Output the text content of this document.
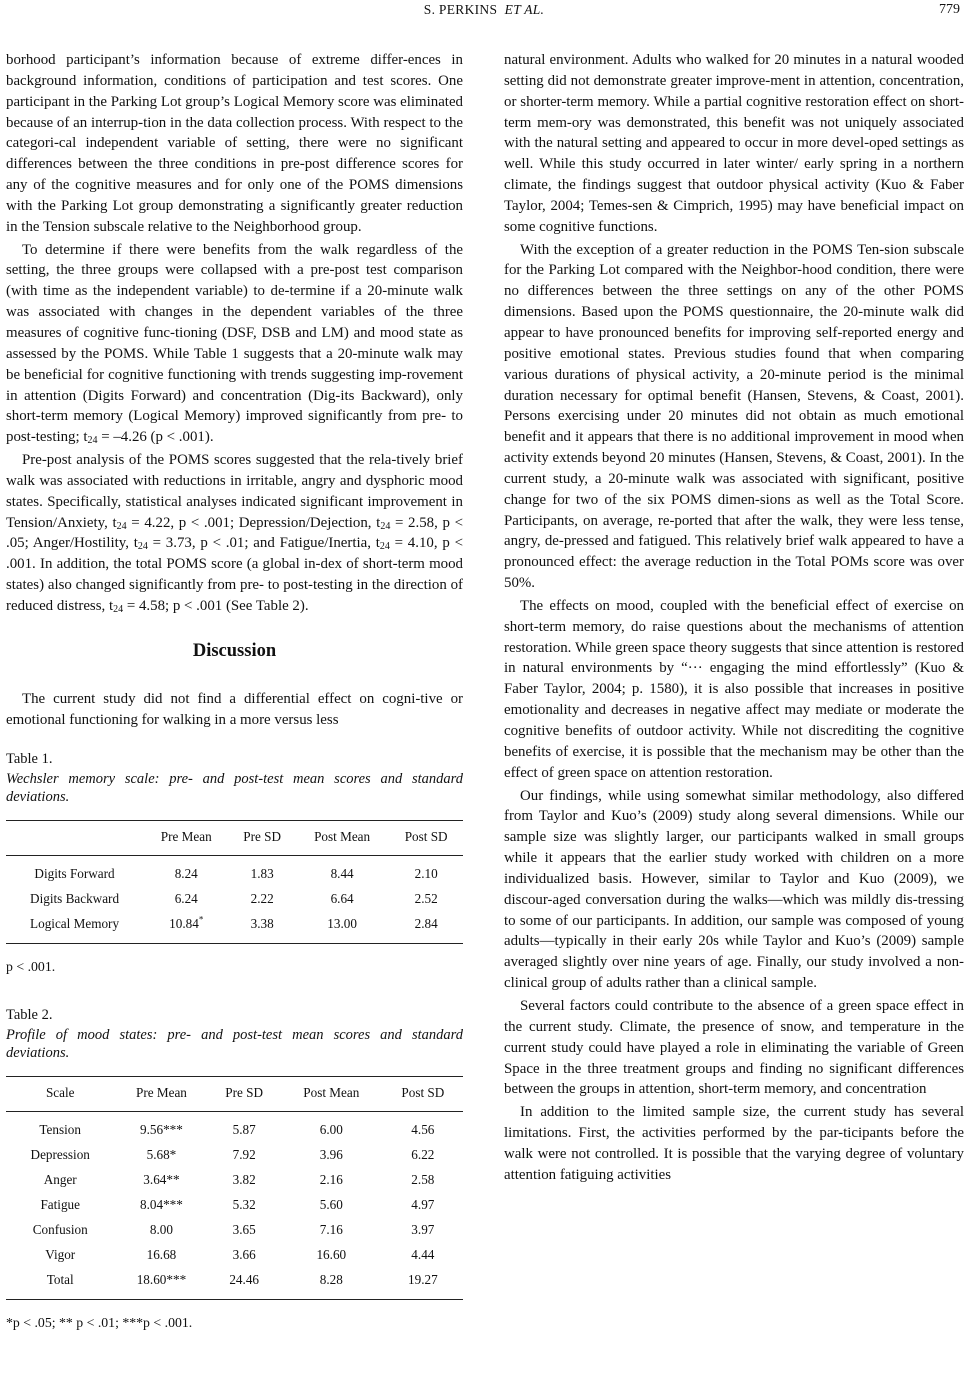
S. PERKINS ET AL.	779

borhood participant’s information because of extreme differ-ences in background information, conditions of participation and test scores. One participant in the Parking Lot group’s Logical Memory score was eliminated because of an interrup-tion in the data collection process. With respect to the categori-cal independent variable of setting, there were no significant differences between the three conditions in pre-post difference scores for any of the cognitive measures and for only one of the POMS dimensions with the Parking Lot group demonstrating a significantly greater reduction in the Tension subscale relative to the Neighborhood group.

To determine if there were benefits from the walk regardless of the setting, the three groups were collapsed with a pre-post test comparison (with time as the independent variable) to de-termine if a 20-minute walk was associated with changes in the dependent variables of the three measures of cognitive func-tioning (DSF, DSB and LM) and mood state as assessed by the POMS. While Table 1 suggests that a 20-minute walk may be beneficial for cognitive functioning with trends suggesting imp-rovement in attention (Digits Forward) and concentration (Dig-its Backward), only short-term memory (Logical Memory) improved significantly from pre- to post-testing; $t_{24} = -4.26$ (p < .001).

Pre-post analysis of the POMS scores suggested that the rela-tively brief walk was associated with reductions in irritable, angry and dysphoric mood states. Specifically, statistical analyses indicated significant improvement in Tension/Anxiety, $t_{24} = 4.22$, p < .001; Depression/Dejection, $t_{24} = 2.58$, p < .05; Anger/Hostility, $t_{24} = 3.73$, p < .01; and Fatigue/Inertia, $t_{24} = 4.10$, p < .001. In addition, the total POMS score (a global in-dex of short-term mood states) also changed significantly from pre- to post-testing in the direction of reduced distress, $t_{24} = 4.58$; p < .001 (See Table 2).

Discussion

The current study did not find a differential effect on cogni-tive or emotional functioning for walking in a more versus less

Table 1.
Wechsler memory scale: pre- and post-test mean scores and standard deviations.
	Pre Mean	Pre SD	Post Mean	Post SD
Digits Forward	8.24	1.83	8.44	2.10
Digits Backward	6.24	2.22	6.64	2.52
Logical Memory	10.84*	3.38	13.00	2.84
p < .001.
Table 2.
Profile of mood states: pre- and post-test mean scores and standard deviations.
Scale	Pre Mean	Pre SD	Post Mean	Post SD
Tension	9.56***	5.87	6.00	4.56
Depression	5.68*	7.92	3.96	6.22
Anger	3.64**	3.82	2.16	2.58
Fatigue	8.04***	5.32	5.60	4.97
Confusion	8.00	3.65	7.16	3.97
Vigor	16.68	3.66	16.60	4.44
Total	18.60***	24.46	8.28	19.27
*p < .05; ** p < .01; ***p < .001.

natural environment. Adults who walked for 20 minutes in a natural wooded setting did not demonstrate greater improve-ment in attention, concentration, or shorter-term memory. While a partial cognitive restoration effect on short-term mem-ory was demonstrated, this benefit was not uniquely associated with the natural setting and appeared to occur in more devel-oped settings as well. While this study occurred in later winter/ early spring in a northern climate, the findings suggest that outdoor physical activity (Kuo & Faber Taylor, 2004; Temes-sen & Cimprich, 1995) may have beneficial impact on some cognitive functions.

With the exception of a greater reduction in the POMS Ten-sion subscale for the Parking Lot compared with the Neighbor-hood condition, there were no differences between the three settings on any of the other POMS dimensions. Based upon the POMS questionnaire, the 20-minute walk did appear to have pronounced benefits for improving self-reported energy and positive emotional states. Previous studies found that when comparing various durations of physical activity, a 20-minute period is the minimal duration necessary for optimal benefit (Hansen, Stevens, & Coast, 2001). Persons exercising under 20 minutes did not obtain as much emotional benefit and it appears that there is no additional improvement in mood when activity extends beyond 20 minutes (Hansen, Stevens, & Coast, 2001). In the current study, a 20-minute walk was associated with significant, positive change for two of the six POMS dimen-sions as well as the Total Score. Participants, on average, re-ported that after the walk, they were less tense, angry, de-pressed and fatigued. This relatively brief walk appeared to have a pronounced effect: the average reduction in the Total POMs score was over 50%.

The effects on mood, coupled with the beneficial effect of exercise on short-term memory, do raise questions about the mechanisms of attention restoration. While green space theory suggests that since attention is restored in natural environments by “··· engaging the mind effortlessly” (Kuo & Faber Taylor, 2004; p. 1580), it is also possible that increases in positive emotionality and decreases in negative affect may mediate or moderate the cognitive benefits of outdoor activity. While not discrediting the cognitive benefits of exercise, it is possible that the mechanism may be other than the effect of green space on attention restoration.

Our findings, while using somewhat similar methodology, also differed from Taylor and Kuo’s (2009) study along several dimensions. While our sample size was slightly larger, our participants walked in small groups while it appears that the earlier study worked with children on a more individualized basis. However, similar to Taylor and Kuo (2009), we discour-aged conversation during the walks—which was mildly dis-tressing to some of our participants. In addition, our sample was composed of young adults—typically in their early 20s while Taylor and Kuo’s (2009) sample averaged slightly over nine years of age. Finally, our study involved a non-clinical group of adults rather than a clinical sample.

Several factors could contribute to the absence of a green space effect in the current study. Climate, the presence of snow, and temperature in the current study could have played a role in eliminating the variable of Green Space in the three treatment groups and finding no significant differences between the groups in attention, short-term memory, and concentration

In addition to the limited sample size, the current study has several limitations. First, the activities performed by the par-ticipants before the walk were not controlled. It is possible that the varying degree of voluntary attention fatiguing activities
